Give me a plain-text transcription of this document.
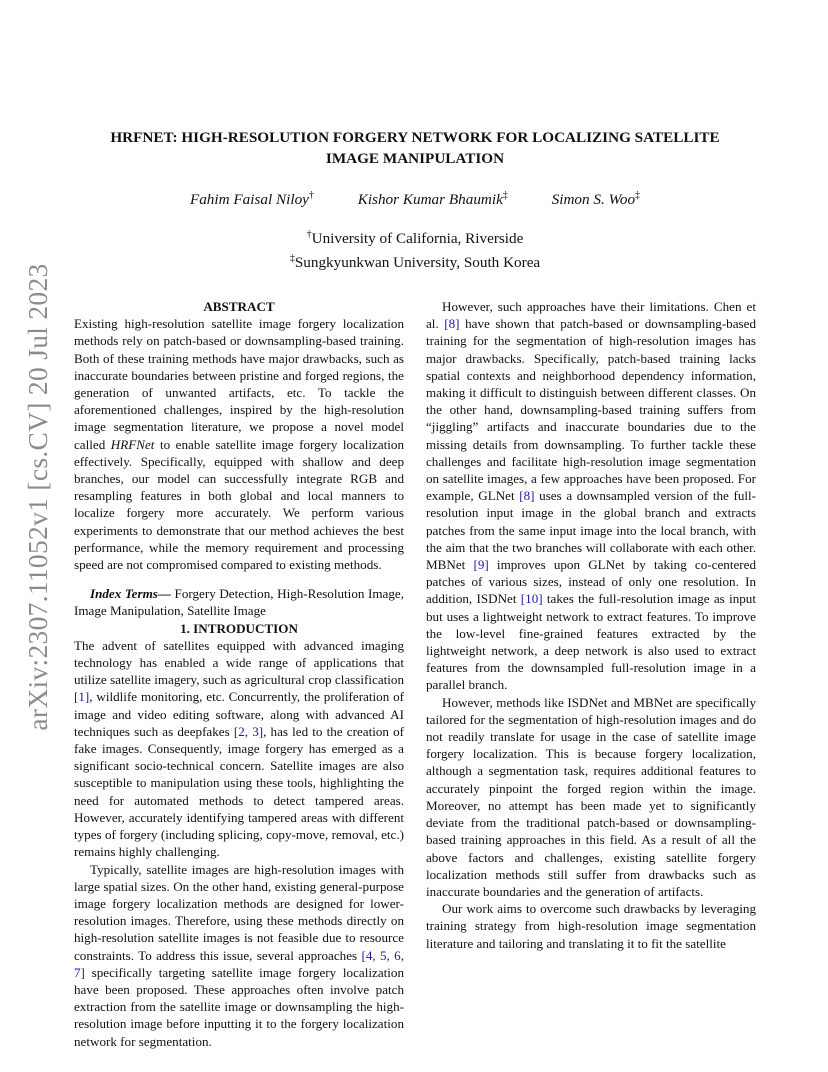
arXiv:2307.11052v1 [cs.CV] 20 Jul 2023
HRFNET: HIGH-RESOLUTION FORGERY NETWORK FOR LOCALIZING SATELLITE
IMAGE MANIPULATION
Fahim Faisal Niloy†	Kishor Kumar Bhaumik‡	Simon S. Woo‡
†University of California, Riverside
‡Sungkyunkwan University, South Korea

ABSTRACT

Existing high-resolution satellite image forgery localization methods rely on patch-based or downsampling-based training. Both of these training methods have major drawbacks, such as inaccurate boundaries between pristine and forged regions, the generation of unwanted artifacts, etc. To tackle the aforementioned challenges, inspired by the high-resolution image segmentation literature, we propose a novel model called HRFNet to enable satellite image forgery localization effectively. Specifically, equipped with shallow and deep branches, our model can successfully integrate RGB and resampling features in both global and local manners to localize forgery more accurately. We perform various experiments to demonstrate that our method achieves the best performance, while the memory requirement and processing speed are not compromised compared to existing methods.

Index Terms— Forgery Detection, High-Resolution Image, Image Manipulation, Satellite Image

1. INTRODUCTION

The advent of satellites equipped with advanced imaging technology has enabled a wide range of applications that utilize satellite imagery, such as agricultural crop classification [1], wildlife monitoring, etc. Concurrently, the proliferation of image and video editing software, along with advanced AI techniques such as deepfakes [2, 3], has led to the creation of fake images. Consequently, image forgery has emerged as a significant socio-technical concern. Satellite images are also susceptible to manipulation using these tools, highlighting the need for automated methods to detect tampered areas. However, accurately identifying tampered areas with different types of forgery (including splicing, copy-move, removal, etc.) remains highly challenging.

Typically, satellite images are high-resolution images with large spatial sizes. On the other hand, existing general-purpose image forgery localization methods are designed for lower-resolution images. Therefore, using these methods directly on high-resolution satellite images is not feasible due to resource constraints. To address this issue, several approaches [4, 5, 6, 7] specifically targeting satellite image forgery localization have been proposed. These approaches often involve patch extraction from the satellite image or downsampling the high-resolution image before inputting it to the forgery localization network for segmentation.

However, such approaches have their limitations. Chen et al. [8] have shown that patch-based or downsampling-based training for the segmentation of high-resolution images has major drawbacks. Specifically, patch-based training lacks spatial contexts and neighborhood dependency information, making it difficult to distinguish between different classes. On the other hand, downsampling-based training suffers from “jiggling” artifacts and inaccurate boundaries due to the missing details from downsampling. To further tackle these challenges and facilitate high-resolution image segmentation on satellite images, a few approaches have been proposed. For example, GLNet [8] uses a downsampled version of the full-resolution input image in the global branch and extracts patches from the same input image into the local branch, with the aim that the two branches will collaborate with each other. MBNet [9] improves upon GLNet by taking co-centered patches of various sizes, instead of only one resolution. In addition, ISDNet [10] takes the full-resolution image as input but uses a lightweight network to extract features. To improve the low-level fine-grained features extracted by the lightweight network, a deep network is also used to extract features from the downsampled full-resolution image in a parallel branch.

However, methods like ISDNet and MBNet are specifically tailored for the segmentation of high-resolution images and do not readily translate for usage in the case of satellite image forgery localization. This is because forgery localization, although a segmentation task, requires additional features to accurately pinpoint the forged region within the image. Moreover, no attempt has been made yet to significantly deviate from the traditional patch-based or downsampling-based training approaches in this field. As a result of all the above factors and challenges, existing satellite forgery localization methods still suffer from drawbacks such as inaccurate boundaries and the generation of artifacts.

Our work aims to overcome such drawbacks by leveraging training strategy from high-resolution image segmentation literature and tailoring and translating it to fit the satellite
